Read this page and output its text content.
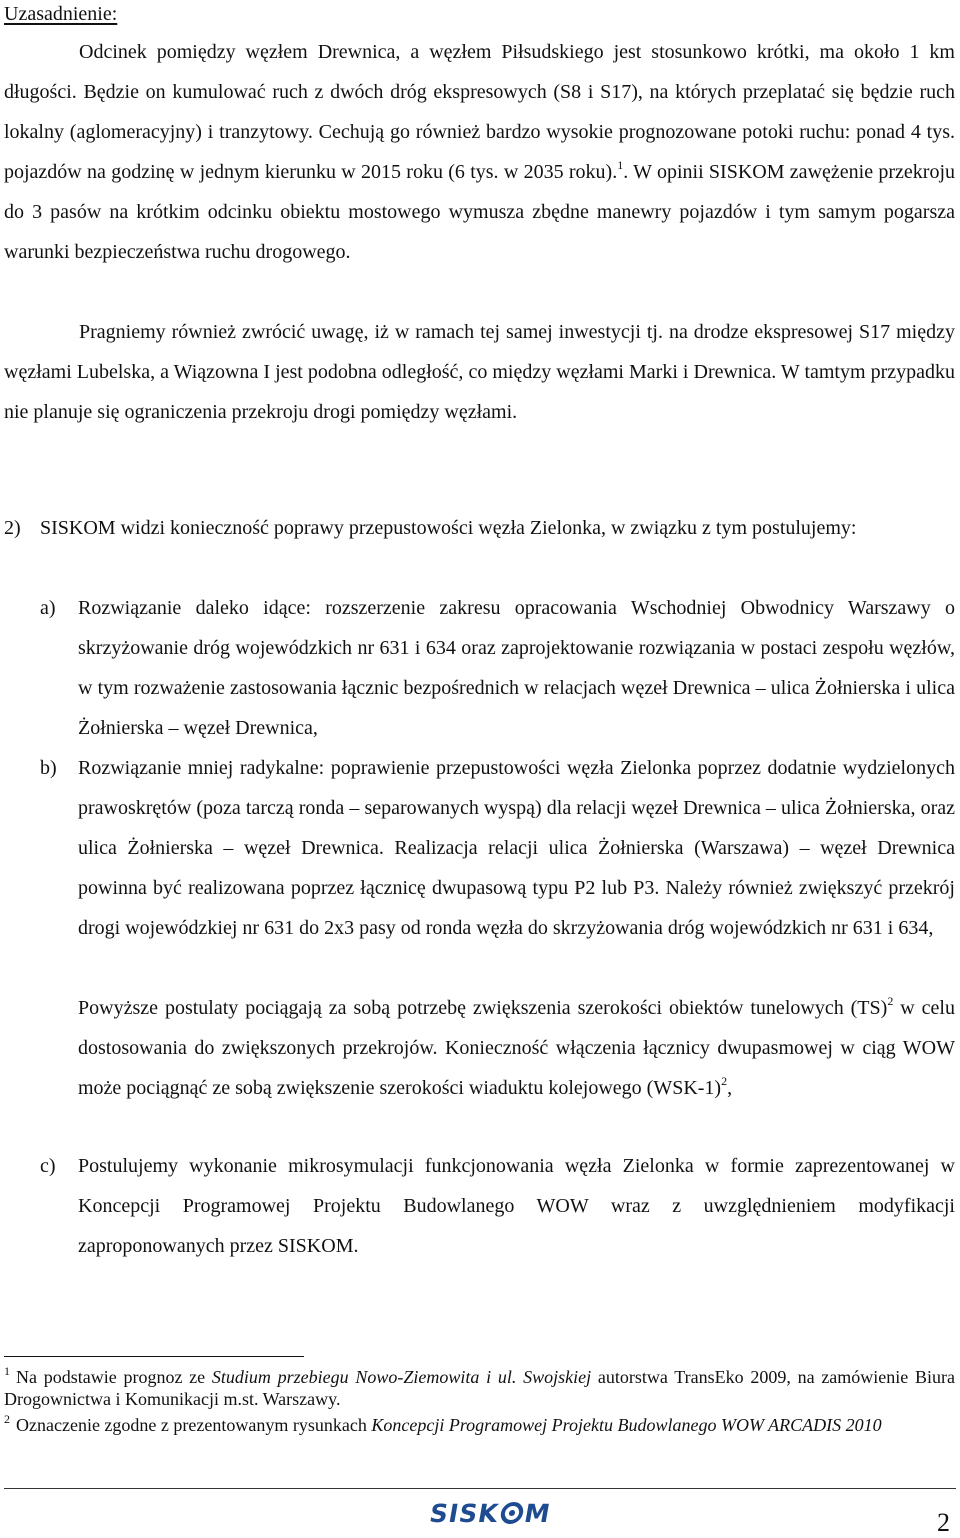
Uzasadnienie:

Odcinek pomiędzy węzłem Drewnica, a węzłem Piłsudskiego jest stosunkowo krótki, ma około 1 km długości. Będzie on kumulować ruch z dwóch dróg ekspresowych (S8 i S17), na których przeplatać się będzie ruch lokalny (aglomeracyjny) i tranzytowy. Cechują go również bardzo wysokie prognozowane potoki ruchu: ponad 4 tys. pojazdów na godzinę w jednym kierunku w 2015 roku (6 tys. w 2035 roku).$^1$. W opinii SISKOM zawężenie przekroju do 3 pasów na krótkim odcinku obiektu mostowego wymusza zbędne manewry pojazdów i tym samym pogarsza warunki bezpieczeństwa ruchu drogowego.

Pragniemy również zwrócić uwagę, iż w ramach tej samej inwestycji tj. na drodze ekspresowej S17 między węzłami Lubelska, a Wiązowna I jest podobna odległość, co między węzłami Marki i Drewnica. W tamtym przypadku nie planuje się ograniczenia przekroju drogi pomiędzy węzłami.

2) SISKOM widzi konieczność poprawy przepustowości węzła Zielonka, w związku z tym postulujemy:

a) Rozwiązanie daleko idące: rozszerzenie zakresu opracowania Wschodniej Obwodnicy Warszawy o skrzyżowanie dróg wojewódzkich nr 631 i 634 oraz zaprojektowanie rozwiązania w postaci zespołu węzłów, w tym rozważenie zastosowania łącznic bezpośrednich w relacjach węzeł Drewnica – ulica Żołnierska i ulica Żołnierska – węzeł Drewnica,

b) Rozwiązanie mniej radykalne: poprawienie przepustowości węzła Zielonka poprzez dodatnie wydzielonych prawoskrętów (poza tarczą ronda – separowanych wyspą) dla relacji węzeł Drewnica – ulica Żołnierska, oraz ulica Żołnierska – węzeł Drewnica. Realizacja relacji ulica Żołnierska (Warszawa) – węzeł Drewnica powinna być realizowana poprzez łącznicę dwupasową typu P2 lub P3. Należy również zwiększyć przekrój drogi wojewódzkiej nr 631 do 2x3 pasy od ronda węzła do skrzyżowania dróg wojewódzkich nr 631 i 634,

Powyższe postulaty pociągają za sobą potrzebę zwiększenia szerokości obiektów tunelowych (TS)$^2$ w celu dostosowania do zwiększonych przekrojów. Konieczność włączenia łącznicy dwupasmowej w ciąg WOW może pociągnąć ze sobą zwiększenie szerokości wiaduktu kolejowego $(WSK-1)^2$,

c) Postulujemy wykonanie mikrosymulacji funkcjonowania węzła Zielonka w formie zaprezentowanej w Koncepcji Programowej Projektu Budowlanego WOW wraz z uwzględnieniem modyfikacji zaproponowanych przez SISKOM.

$^1$ Na podstawie prognoz ze Studium przebiegu Nowo-Ziemowita i ul. Swojskiej autorstwa TransEko 2009, na zamówienie Biura Drogownictwa i Komunikacji m.st. Warszawy.

$^2$ Oznaczenie zgodne z prezentowanym rysunkach Koncepcji Programowej Projektu Budowlanego WOW ARCADIS 2010

SISK M	2
